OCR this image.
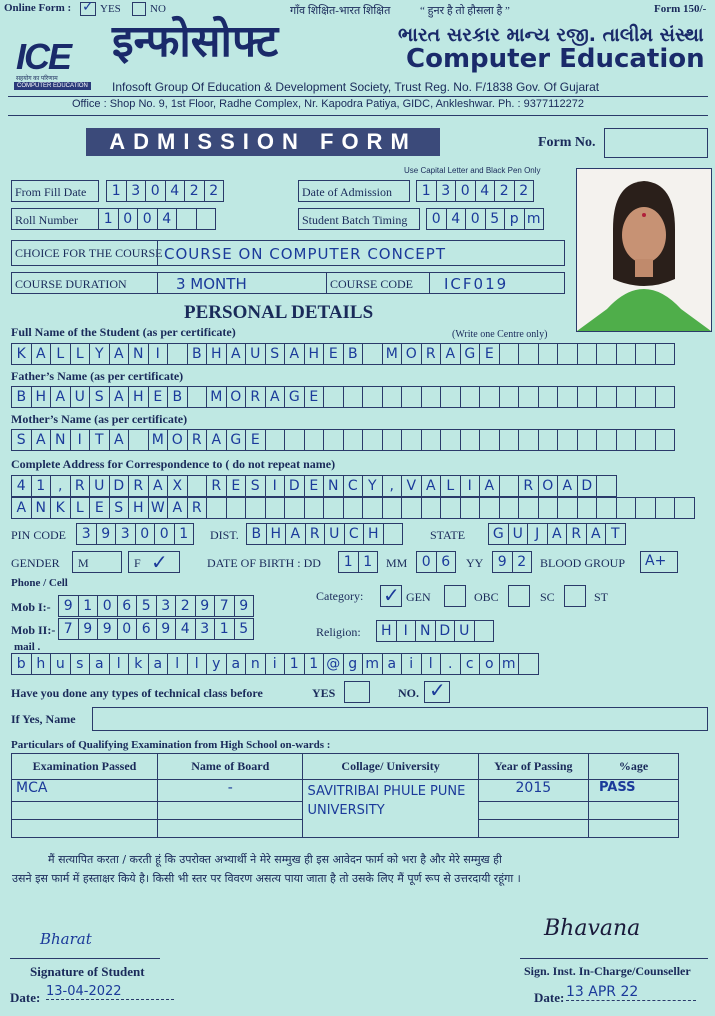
Online Form : ✓ YES	NO	गाँव शिक्षित-भारत शिक्षित	“ हुनर है तो हौसला है ”	Form 150/-
ICE
सहयोग का परिणाम
COMPUTER EDUCATION
इन्फोसोफ्ट	ભારત સરકાર માન્ય રજી. તાલીમ સંસ્થા
Computer Education
Infosoft Group Of Education & Development Society, Trust Reg. No. F/1838 Gov. Of Gujarat
Office : Shop No. 9, 1st Floor, Radhe Complex, Nr. Kapodra Patiya, GIDC, Ankleshwar. Ph. : 9377112272
ADMISSION FORM	Form No.
Use Capital Letter and Black Pen Only
From Fill Date	1 3 0 4 2 2	Date of Admission	1 3 0 4 2 2
Roll Number	1 0 0 4	Student Batch Timing	0 4 0 5 p m
CHOICE FOR THE COURSE COURSE ON COMPUTER CONCEPT
COURSE DURATION	3 MONTH	COURSE CODE ICF019
PERSONAL DETAILS
Full Name of the Student (as per certificate)	(Write one Centre only)
K A L L Y A N I	B H A U S A H E B	M O R A G E
Father’s Name (as per certificate)
B H A U S A H E B	M O R A G E
Mother’s Name (as per certificate)
S A N I T A	M O R A G E
Complete Address for Correspondence to ( do not repeat name)
4 1 , R U D R A X	R E S I D E N C Y , V A L I A	R O A D
A N K L E S H W A R
PIN CODE	3 9 3 0 0 1	DIST. B H A R U C H	STATE	G U J A R A T
GENDER M	F ✓	DATE OF BIRTH : DD	1 1	MM	0 6	YY	9 2	BLOOD GROUP A+
Phone / Cell
Mob I:- 9 1 0 6 5 3 2 9 7 9
Mob II:- 7 9 9 0 6 9 4 3 1 5
Category: ✓ GEN	OBC	SC	ST
Religion:	H I N D U
mail .
b h u s a l k a l	l y a n i 1 1 @ g m a i	l	. c o m
Have you done any types of technical class before	YES	NO. ✓
If Yes, Name
Particulars of Qualifying Examination from High School on-wards :
Examination Passed	Name of Board	Collage/ University	Year of Passing	%age
MCA	-	SAVITRIBAI PHULE PUNE UNIVERSITY	2015	PASS

मैं सत्यापित करता / करती हूं कि उपरोक्त अभ्यार्थी ने मेरे सम्मुख ही इस आवेदन फार्म को भरा है और मेरे सम्मुख ही
उसने इस फार्म में हस्ताक्षर किये है। किसी भी स्तर पर विवरण असत्य पाया जाता है तो उसके लिए मैं पूर्ण रूप से उत्तरदायी रहूंगा ।
Bharat
Signature of Student
Date: 13-04-2022
Bhavana
Sign. Inst. In-Charge/Counseller
Date: 13 APR 22
